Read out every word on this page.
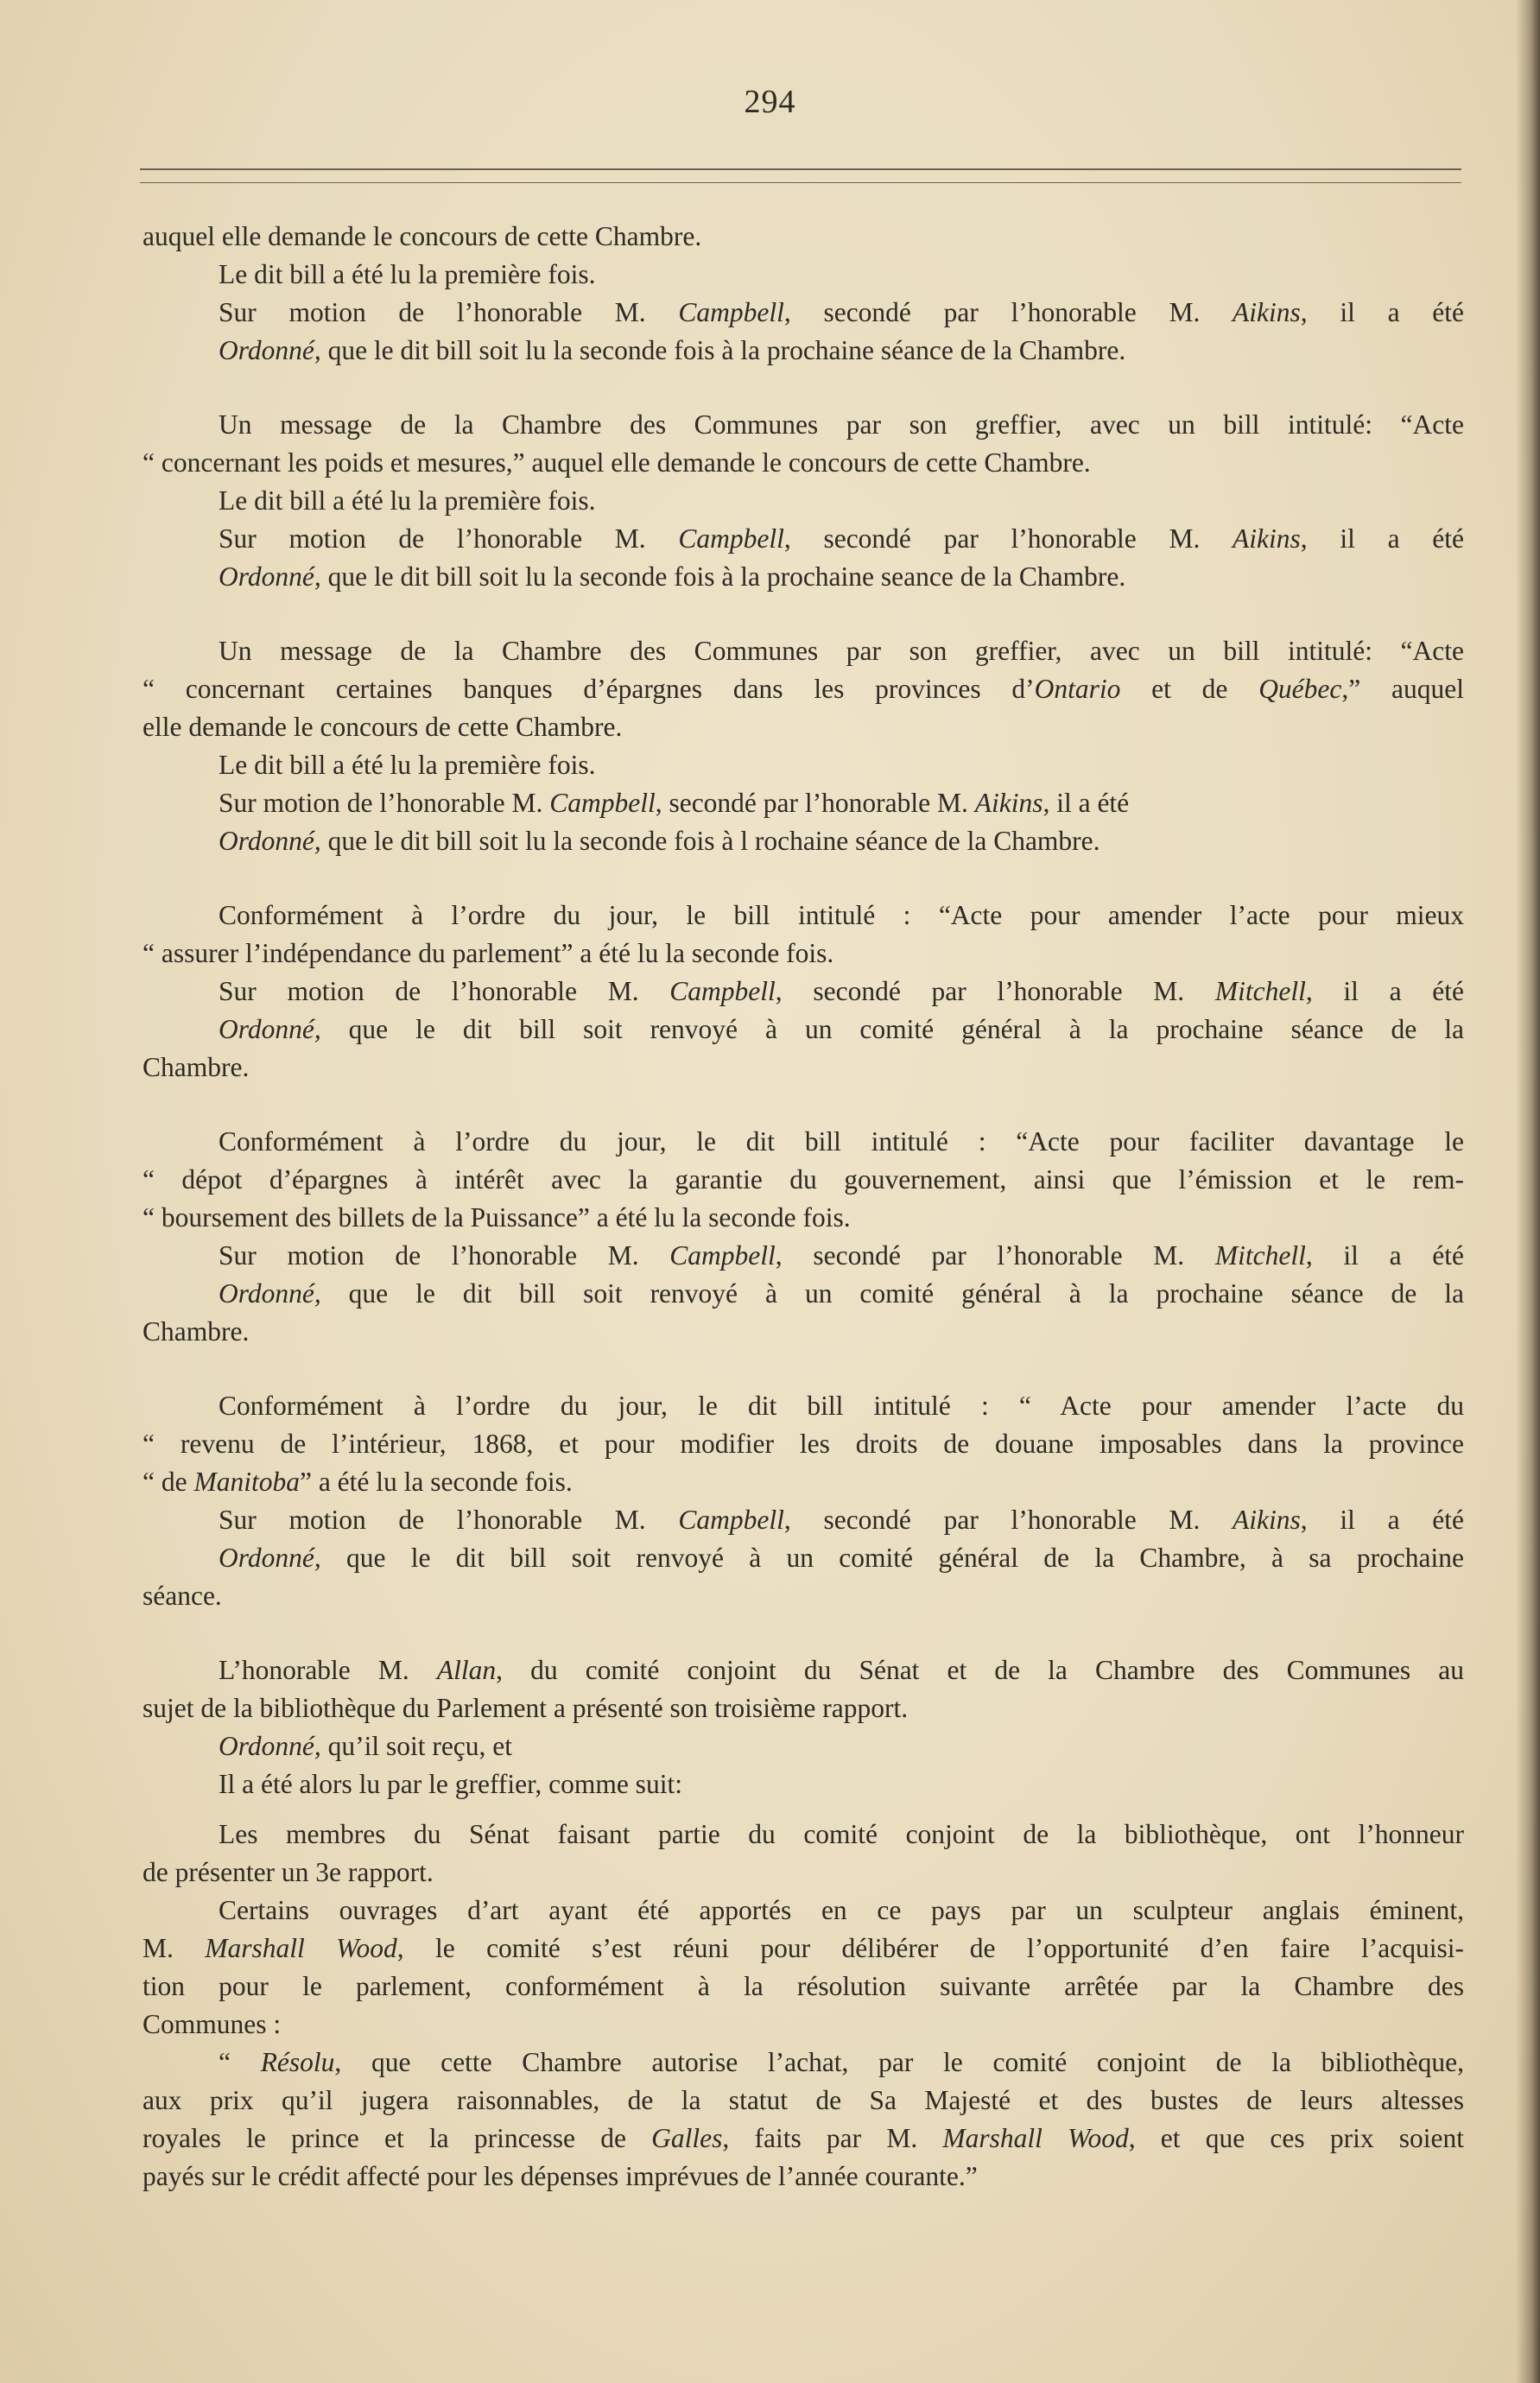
294
auquel elle demande le concours de cette Chambre.
Le dit bill a été lu la première fois.
Sur motion de l’honorable M. Campbell, secondé par l’honorable M. Aikins, il a été
Ordonné, que le dit bill soit lu la seconde fois à la prochaine séance de la Chambre.
Un message de la Chambre des Communes par son greffier, avec un bill intitulé: “Acte
“ concernant les poids et mesures,” auquel elle demande le concours de cette Chambre.
Le dit bill a été lu la première fois.
Sur motion de l’honorable M. Campbell, secondé par l’honorable M. Aikins, il a été
Ordonné, que le dit bill soit lu la seconde fois à la prochaine seance de la Chambre.
Un message de la Chambre des Communes par son greffier, avec un bill intitulé: “Acte
“ concernant certaines banques d’épargnes dans les provinces d’Ontario et de Québec,” auquel
elle demande le concours de cette Chambre.
Le dit bill a été lu la première fois.
Sur motion de l’honorable M. Campbell, secondé par l’honorable M. Aikins, il a été
Ordonné, que le dit bill soit lu la seconde fois à l rochaine séance de la Chambre.
Conformément à l’ordre du jour, le bill intitulé : “Acte pour amender l’acte pour mieux
“ assurer l’indépendance du parlement” a été lu la seconde fois.
Sur motion de l’honorable M. Campbell, secondé par l’honorable M. Mitchell, il a été
Ordonné, que le dit bill soit renvoyé à un comité général à la prochaine séance de la
Chambre.
Conformément à l’ordre du jour, le dit bill intitulé : “Acte pour faciliter davantage le
“ dépot d’épargnes à intérêt avec la garantie du gouvernement, ainsi que l’émission et le rem-
“ boursement des billets de la Puissance” a été lu la seconde fois.
Sur motion de l’honorable M. Campbell, secondé par l’honorable M. Mitchell, il a été
Ordonné, que le dit bill soit renvoyé à un comité général à la prochaine séance de la
Chambre.
Conformément à l’ordre du jour, le dit bill intitulé : “ Acte pour amender l’acte du
“ revenu de l’intérieur, 1868, et pour modifier les droits de douane imposables dans la province
“ de Manitoba” a été lu la seconde fois.
Sur motion de l’honorable M. Campbell, secondé par l’honorable M. Aikins, il a été
Ordonné, que le dit bill soit renvoyé à un comité général de la Chambre, à sa prochaine
séance.
L’honorable M. Allan, du comité conjoint du Sénat et de la Chambre des Communes au
sujet de la bibliothèque du Parlement a présenté son troisième rapport.
Ordonné, qu’il soit reçu, et
Il a été alors lu par le greffier, comme suit:
Les membres du Sénat faisant partie du comité conjoint de la bibliothèque, ont l’honneur
de présenter un 3e rapport.
Certains ouvrages d’art ayant été apportés en ce pays par un sculpteur anglais éminent,
M. Marshall Wood, le comité s’est réuni pour délibérer de l’opportunité d’en faire l’acquisi-
tion pour le parlement, conformément à la résolution suivante arrêtée par la Chambre des
Communes :
“ Résolu, que cette Chambre autorise l’achat, par le comité conjoint de la bibliothèque,
aux prix qu’il jugera raisonnables, de la statut de Sa Majesté et des bustes de leurs altesses
royales le prince et la princesse de Galles, faits par M. Marshall Wood, et que ces prix soient
payés sur le crédit affecté pour les dépenses imprévues de l’année courante.”
